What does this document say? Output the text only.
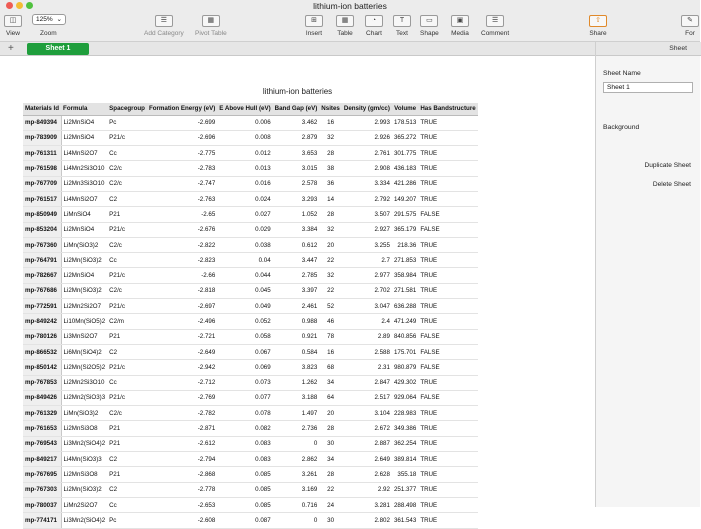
lithium-ion batteries
◫
View
125% ⌄
Zoom
☰
Add Category
▦
Pivot Table
⊞
Insert
▦
Table
◔
Chart
T
Text
▭
Shape
▣
Media
☰
Comment
⇧
Share
✎
For
+	Sheet 1
lithium-ion batteries
Materials Id	Formula	Spacegroup	Formation Energy (eV)	E Above Hull (eV)	Band Gap (eV)	Nsites	Density (gm/cc)	Volume	Has Bandstructure
mp-849394	Li2MnSiO4	Pc	-2.699	0.006	3.462	16	2.993	178.513	TRUE
mp-783909	Li2MnSiO4	P21/c	-2.696	0.008	2.879	32	2.926	365.272	TRUE
mp-761311	Li4MnSi2O7	Cc	-2.775	0.012	3.653	28	2.761	301.775	TRUE
mp-761598	Li4Mn2Si3O10	C2/c	-2.783	0.013	3.015	38	2.908	436.183	TRUE
mp-767709	Li2Mn3Si3O10	C2/c	-2.747	0.016	2.578	36	3.334	421.286	TRUE
mp-761517	Li4MnSi2O7	C2	-2.763	0.024	3.293	14	2.792	149.207	TRUE
mp-850949	LiMnSiO4	P21	-2.65	0.027	1.052	28	3.507	291.575	FALSE
mp-853204	Li2MnSiO4	P21/c	-2.676	0.029	3.384	32	2.927	365.179	FALSE
mp-767360	LiMn(SiO3)2	C2/c	-2.822	0.038	0.612	20	3.255	218.36	TRUE
mp-764791	Li2Mn(SiO3)2	Cc	-2.823	0.04	3.447	22	2.7	271.853	TRUE
mp-782667	Li2MnSiO4	P21/c	-2.66	0.044	2.785	32	2.977	358.984	TRUE
mp-767686	Li2Mn(SiO3)2	C2/c	-2.818	0.045	3.397	22	2.702	271.581	TRUE
mp-772591	Li2Mn2Si2O7	P21/c	-2.697	0.049	2.461	52	3.047	636.288	TRUE
mp-849242	Li10Mn(SiO5)2	C2/m	-2.496	0.052	0.988	46	2.4	471.249	TRUE
mp-780126	Li3MnSi2O7	P21	-2.721	0.058	0.921	78	2.89	840.856	FALSE
mp-866532	Li6Mn(SiO4)2	C2	-2.649	0.067	0.584	16	2.588	175.701	FALSE
mp-850142	Li2Mn(Si2O5)2	P21/c	-2.942	0.069	3.823	68	2.31	980.879	FALSE
mp-767853	Li2Mn2Si3O10	Cc	-2.712	0.073	1.262	34	2.847	429.302	TRUE
mp-849426	Li2Mn2(SiO3)3	P21/c	-2.769	0.077	3.188	64	2.517	929.064	FALSE
mp-761329	LiMn(SiO3)2	C2/c	-2.782	0.078	1.497	20	3.104	228.983	TRUE
mp-761653	Li2MnSi3O8	P21	-2.871	0.082	2.736	28	2.672	349.386	TRUE
mp-769543	Li3Mn2(SiO4)2	P21	-2.612	0.083	0	30	2.887	362.254	TRUE
mp-849217	Li4Mn(SiO3)3	C2	-2.794	0.083	2.862	34	2.649	389.814	TRUE
mp-767695	Li2MnSi3O8	P21	-2.868	0.085	3.261	28	2.628	355.18	TRUE
mp-767303	Li2Mn(SiO3)2	C2	-2.778	0.085	3.169	22	2.92	251.377	TRUE
mp-780037	LiMn2Si2O7	Cc	-2.653	0.085	0.716	24	3.281	288.498	TRUE
mp-774171	Li3Mn2(SiO4)2	Pc	-2.608	0.087	0	30	2.802	361.543	TRUE
Sheet
Sheet Name
Sheet 1
Background
Duplicate Sheet
Delete Sheet
